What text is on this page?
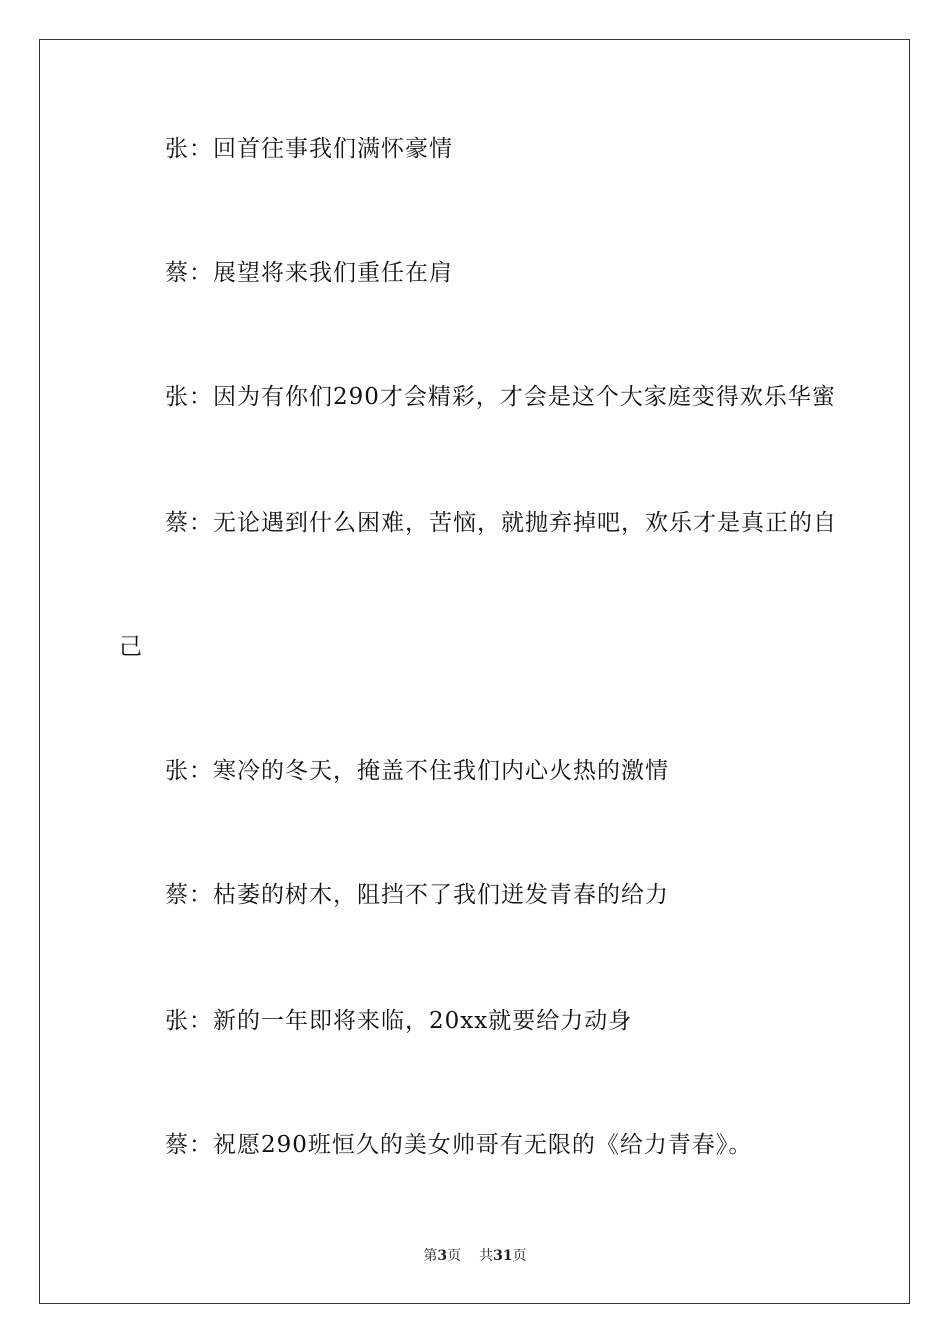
张：回首往事我们满怀豪情
蔡：展望将来我们重任在肩
张：因为有你们290才会精彩，才会是这个大家庭变得欢乐华蜜
蔡：无论遇到什么困难，苦恼，就抛弃掉吧，欢乐才是真正的自
己
张：寒冷的冬天，掩盖不住我们内心火热的激情
蔡：枯萎的树木，阻挡不了我们迸发青春的给力
张：新的一年即将来临，20xx就要给力动身
蔡：祝愿290班恒久的美女帅哥有无限的《给力青春》。
第3页 共31页
